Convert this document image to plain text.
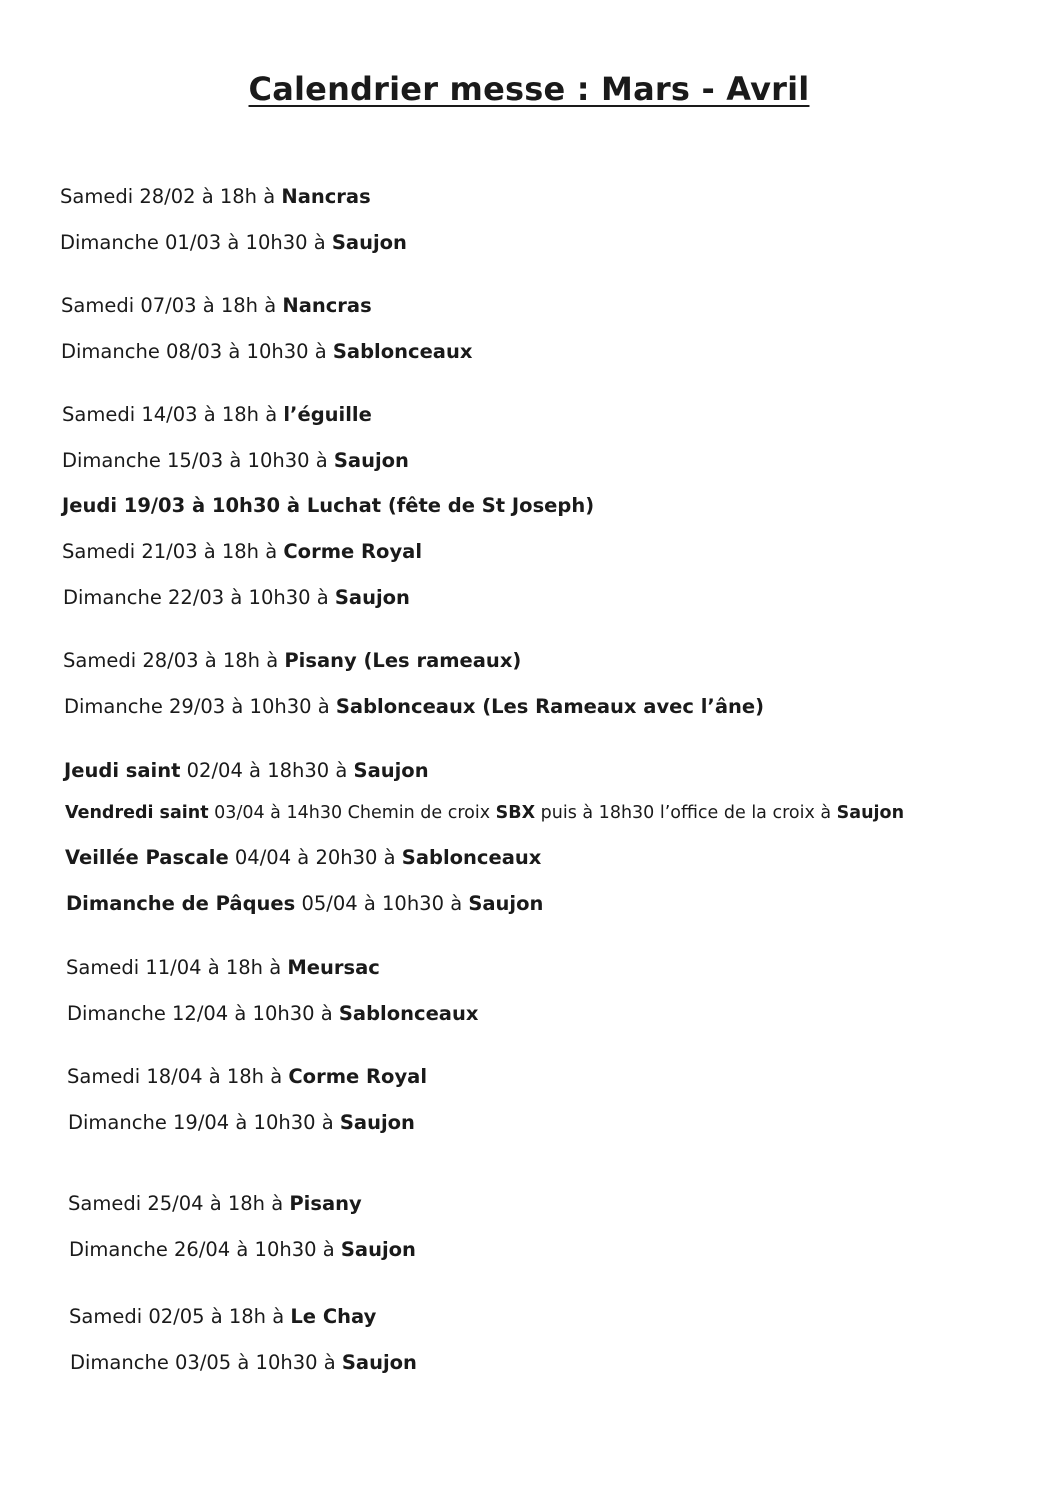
Calendrier messe : Mars - Avril
Samedi 28/02 à 18h à Nancras
Dimanche 01/03 à 10h30 à Saujon
Samedi 07/03 à 18h à Nancras
Dimanche 08/03 à 10h30 à Sablonceaux
Samedi 14/03 à 18h à l’éguille
Dimanche 15/03 à 10h30 à Saujon
Jeudi 19/03 à 10h30 à Luchat (fête de St Joseph)
Samedi 21/03 à 18h à Corme Royal
Dimanche 22/03 à 10h30 à Saujon
Samedi 28/03 à 18h à Pisany (Les rameaux)
Dimanche 29/03 à 10h30 à Sablonceaux (Les Rameaux avec l’âne)
Jeudi saint 02/04 à 18h30 à Saujon
Vendredi saint 03/04 à 14h30 Chemin de croix SBX puis à 18h30 l’office de la croix à Saujon
Veillée Pascale 04/04 à 20h30 à Sablonceaux
Dimanche de Pâques 05/04 à 10h30 à Saujon
Samedi 11/04 à 18h à Meursac
Dimanche 12/04 à 10h30 à Sablonceaux
Samedi 18/04 à 18h à Corme Royal
Dimanche 19/04 à 10h30 à Saujon
Samedi 25/04 à 18h à Pisany
Dimanche 26/04 à 10h30 à Saujon
Samedi 02/05 à 18h à Le Chay
Dimanche 03/05 à 10h30 à Saujon
